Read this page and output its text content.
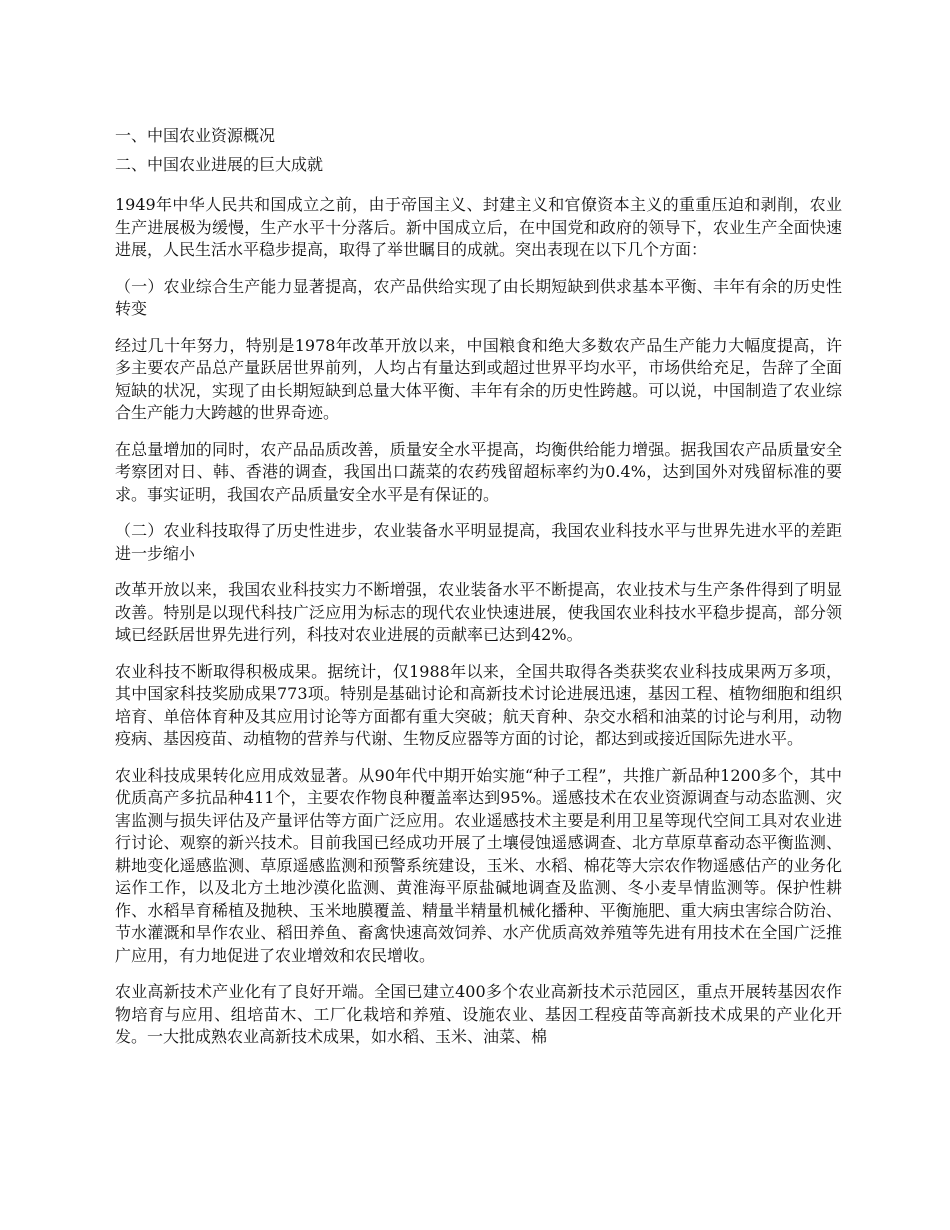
一、中国农业资源概况
二、中国农业进展的巨大成就

1949年中华人民共和国成立之前，由于帝国主义、封建主义和官僚资本主义的重重压迫和剥削，农业生产进展极为缓慢，生产水平十分落后。新中国成立后，在中国党和政府的领导下，农业生产全面快速进展，人民生活水平稳步提高，取得了举世瞩目的成就。突出表现在以下几个方面：

（一）农业综合生产能力显著提高，农产品供给实现了由长期短缺到供求基本平衡、丰年有余的历史性转变

经过几十年努力，特别是1978年改革开放以来，中国粮食和绝大多数农产品生产能力大幅度提高，许多主要农产品总产量跃居世界前列，人均占有量达到或超过世界平均水平，市场供给充足，告辞了全面短缺的状况，实现了由长期短缺到总量大体平衡、丰年有余的历史性跨越。可以说，中国制造了农业综合生产能力大跨越的世界奇迹。

在总量增加的同时，农产品品质改善，质量安全水平提高，均衡供给能力增强。据我国农产品质量安全考察团对日、韩、香港的调查，我国出口蔬菜的农药残留超标率约为0.4%，达到国外对残留标准的要求。事实证明，我国农产品质量安全水平是有保证的。

（二）农业科技取得了历史性进步，农业装备水平明显提高，我国农业科技水平与世界先进水平的差距进一步缩小

改革开放以来，我国农业科技实力不断增强，农业装备水平不断提高，农业技术与生产条件得到了明显改善。特别是以现代科技广泛应用为标志的现代农业快速进展，使我国农业科技水平稳步提高，部分领域已经跃居世界先进行列，科技对农业进展的贡献率已达到42%。

农业科技不断取得积极成果。据统计，仅1988年以来，全国共取得各类获奖农业科技成果两万多项，其中国家科技奖励成果773项。特别是基础讨论和高新技术讨论进展迅速，基因工程、植物细胞和组织培育、单倍体育种及其应用讨论等方面都有重大突破；航天育种、杂交水稻和油菜的讨论与利用，动物疫病、基因疫苗、动植物的营养与代谢、生物反应器等方面的讨论，都达到或接近国际先进水平。

农业科技成果转化应用成效显著。从90年代中期开始实施“种子工程”，共推广新品种1200多个，其中优质高产多抗品种411个，主要农作物良种覆盖率达到95%。遥感技术在农业资源调查与动态监测、灾害监测与损失评估及产量评估等方面广泛应用。农业遥感技术主要是利用卫星等现代空间工具对农业进行讨论、观察的新兴技术。目前我国已经成功开展了土壤侵蚀遥感调查、北方草原草畜动态平衡监测、耕地变化遥感监测、草原遥感监测和预警系统建设，玉米、水稻、棉花等大宗农作物遥感估产的业务化运作工作，以及北方土地沙漠化监测、黄淮海平原盐碱地调查及监测、冬小麦旱情监测等。保护性耕作、水稻旱育稀植及抛秧、玉米地膜覆盖、精量半精量机械化播种、平衡施肥、重大病虫害综合防治、节水灌溉和旱作农业、稻田养鱼、畜禽快速高效饲养、水产优质高效养殖等先进有用技术在全国广泛推广应用，有力地促进了农业增效和农民增收。

农业高新技术产业化有了良好开端。全国已建立400多个农业高新技术示范园区，重点开展转基因农作物培育与应用、组培苗木、工厂化栽培和养殖、设施农业、基因工程疫苗等高新技术成果的产业化开发。一大批成熟农业高新技术成果，如水稻、玉米、油菜、棉
